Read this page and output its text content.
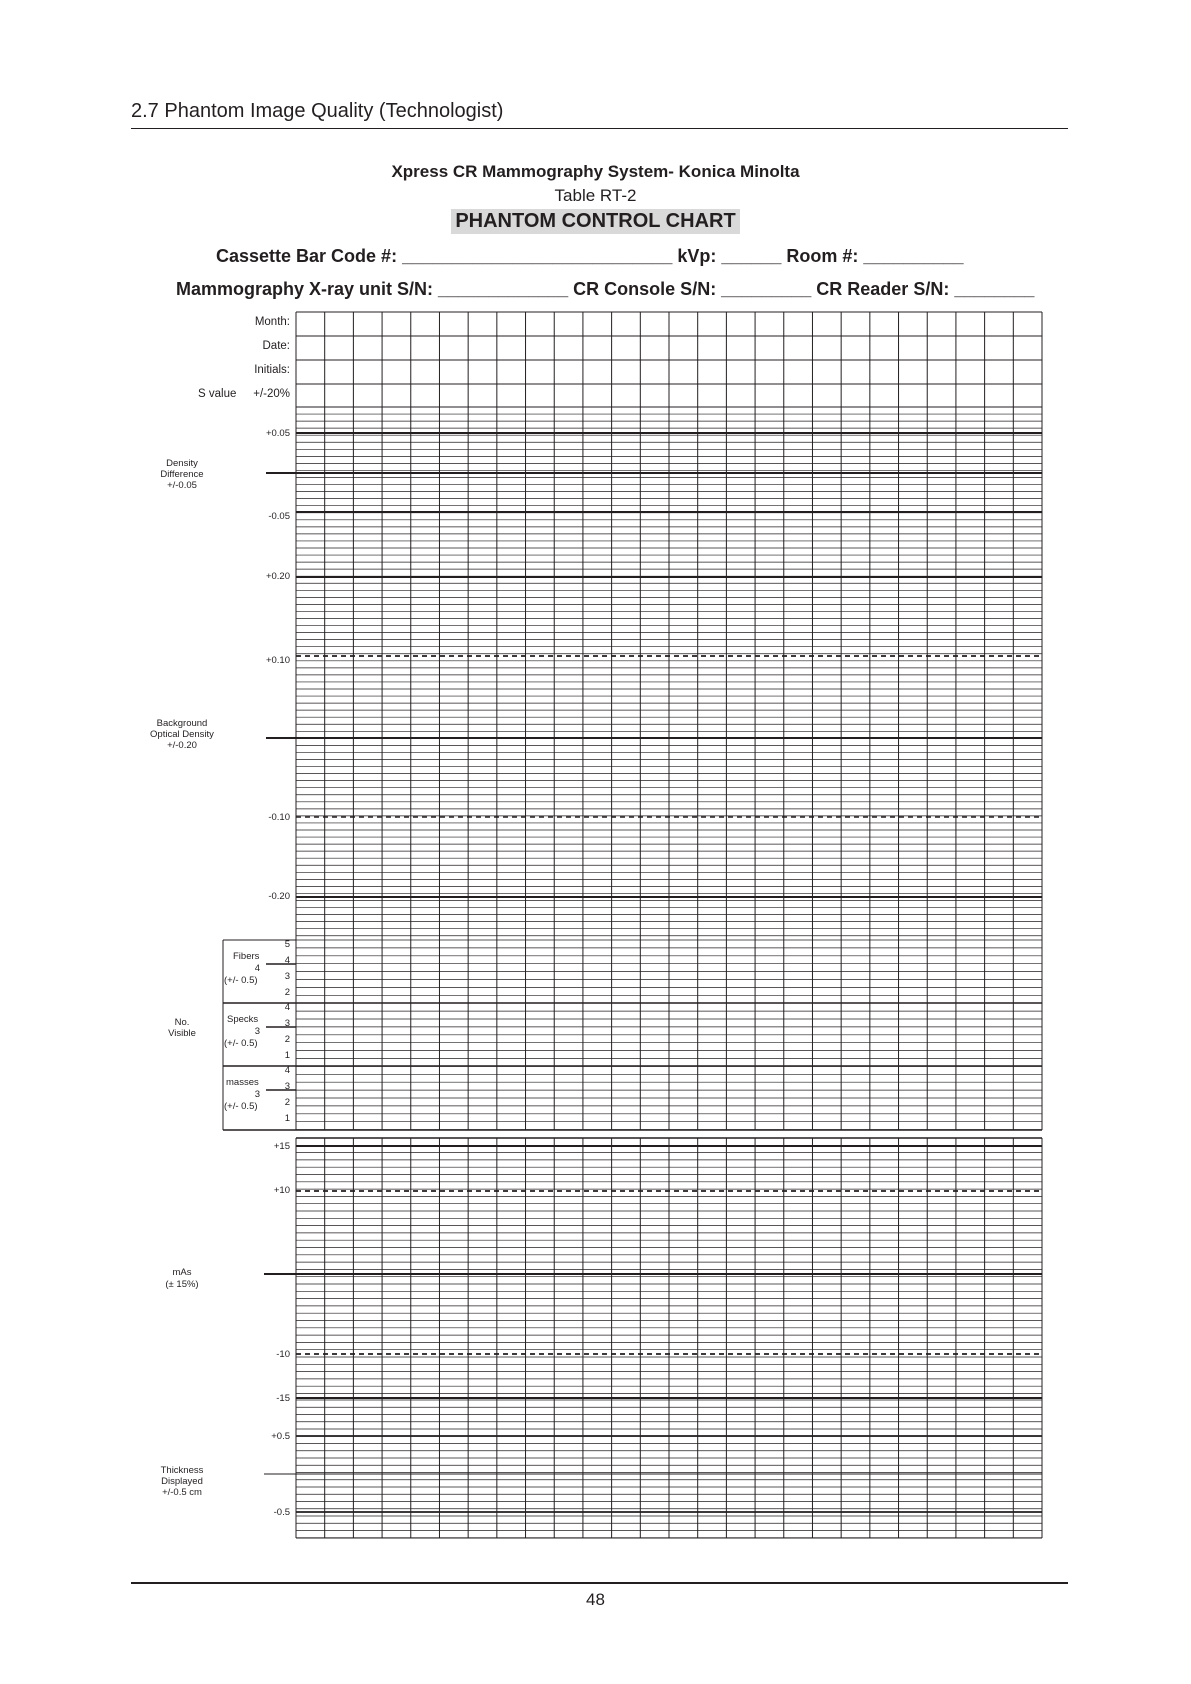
2.7 Phantom Image Quality (Technologist)
Xpress CR Mammography System- Konica Minolta
Table RT-2
PHANTOM CONTROL CHART
Cassette Bar Code #: ___________________________ kVp: ______ Room #: __________
Mammography X-ray unit S/N: _____________ CR Console S/N: _________ CR Reader S/N: ________
Month:
Date:
Initials:
S value	+/-20%
Density Difference +/-0.05
+0.05
-0.05
Background Optical Density +/-0.20
+0.20
+0.10
-0.10
-0.20
No. Visible
Fibers
4
(+/- 0.5)
5
4
3
2
Specks
3
(+/- 0.5)
4
3
2
1
masses
3
(+/- 0.5)
4
3
2
1
mAs
(± 15%)
+15
+10
-10
-15
Thickness Displayed +/-0.5 cm
+0.5
-0.5
48
